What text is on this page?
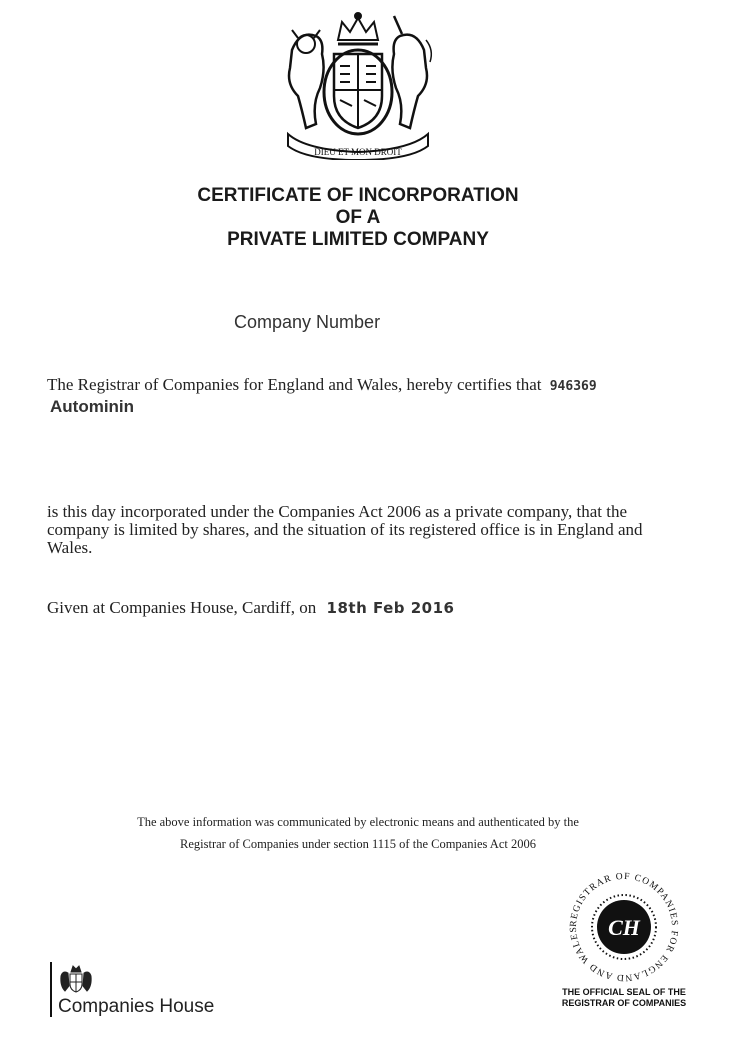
DIEU ET MON DROIT
CERTIFICATE OF INCORPORATION
OF A
PRIVATE LIMITED COMPANY
Company Number
The Registrar of Companies for England and Wales, hereby certifies that 946369
Autominin
is this day incorporated under the Companies Act 2006 as a private company, that the company is limited by shares, and the situation of its registered office is in England and Wales.
Given at Companies House, Cardiff, on 18th Feb 2016
The above information was communicated by electronic means and authenticated by the
Registrar of Companies under section 1115 of the Companies Act 2006
REGISTRAR OF COMPANIES FOR ENGLAND AND WALES	CH
THE OFFICIAL SEAL OF THE
REGISTRAR OF COMPANIES
Companies House
